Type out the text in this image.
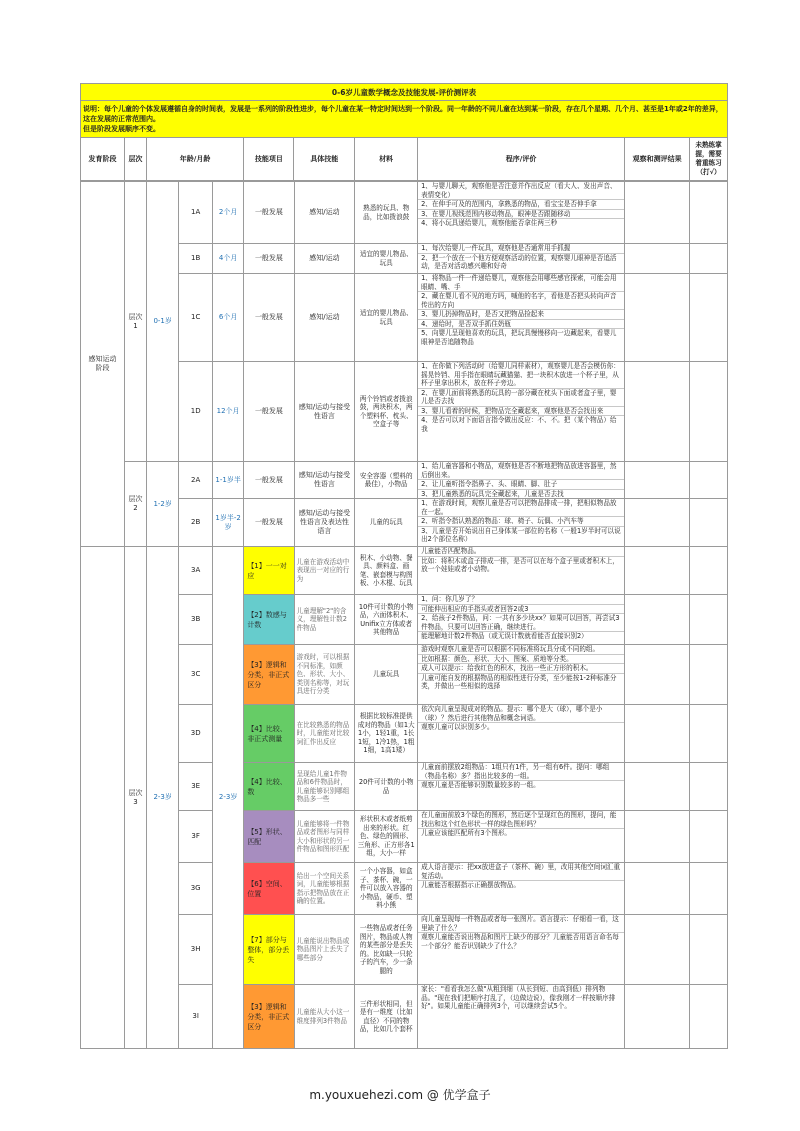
0-6岁儿童数学概念及技能发展-评价测评表

说明：每个儿童的个体发展遵循自身的时间表，发展是一系列的阶段性进步，每个儿童在某一特定时间达到一个阶段。同一年龄的不同儿童在达到某一阶段，存在几个星期、几个月、甚至是1年或2年的差异，这在发展的正常范围内。
但是阶段发展顺序不变。

发育阶段	层次	年龄/月龄	技能项目	具体技能	材料	程序/评价	观察和测评结果	未熟练掌握，需要着重练习（打√）
感知运动阶段	层次1	0-1岁	1A	2个月	一般发展	感知/运动	熟悉的玩具、物品，比如拨浪鼓	1、与婴儿聊天，观察他是否注意并作出反应（看大人、发出声音、表情变化）
2、在伸手可及的范围内，拿熟悉的物品，看宝宝是否伸手拿
3、在婴儿视线范围内移动物品，眼神是否跟随移动
4、将小玩具递给婴儿，观察他能否拿住两三秒		

			1B	4个月	一般发展	感知/运动	适宜的婴儿物品、玩具	1、每次给婴儿一件玩具，观察他是否通常用手抓握
2、把一个放在一个他方便观察活动的位置，观察婴儿眼神是否追活动，是否对活动感兴趣和好奇		

			1C	6个月	一般发展	感知/运动	适宜的婴儿物品、玩具	1、将物品一件一件递给婴儿，观察他会用哪些感官探索，可能会用眼睛、嘴、手
2、藏在婴儿看不见的地方吗，喊他的名字，看他是否把头转向声音传出的方向
3、婴儿扔掉物品时，是否又把物品捡起来
4、递给时，是否双手抓住奶瓶
5、向婴儿呈现他喜欢的玩具，把玩具慢慢移向一边藏起来，看婴儿眼神是否追随物品		

			1D	12个月	一般发展	感知/运动与接受性语言	两个铃铛或者拨浪鼓，两块积木，两个塑料杯、枕头、空盒子等	1、在你做下列活动时（给婴儿同样素材），观察婴儿是否会模仿你：摇晃铃铛、用手指在眼睛玩藏猫猫、把一块积木放进一个杯子里，从杯子里拿出积木，放在杯子旁边。
2、在婴儿面前将熟悉的玩具的一部分藏在枕头下面或者盒子里，婴儿是否去找
3、婴儿看着的时候，把物品完全藏起来，观察他是否会找出来
4、是否可以对下面语言指令做出反应：不、不。把（某个物品）给我		

	层次2	1-2岁	2A	1-1岁半	一般发展	感知/运动与接受性语言	安全容器（塑料的最佳），小物品	1、给儿童容器和小物品，观察他是否不断地把物品放进容器里，然后倒出来。
2、让儿童听指令指鼻子、头、眼睛、脚、肚子
3、把儿童熟悉的玩具完全藏起来，儿童是否去找		

			2B	1岁半-2岁	一般发展	感知/运动与接受性语言及表达性语言	儿童的玩具	1、在游戏时间，观察儿童是否可以把物品排成一排，把相似物品放在一起。
2、听指令指认熟悉的物品：球、椅子、玩偶、小汽车等
3、儿童是否开始说出自己身体某一部位的名称（一般1岁半时可以说出2个部位名称）		

	层次3	2-3岁	3A	2-3岁	【1】一一对应	儿童在游戏活动中表现出一对应的行为	积木、小动物、餐具、颜料盒、画笔、嵌套模与构图板、小木棍、玩具	儿童能否匹配物品。
比如：将积木或盒子排成一排，是否可以在每个盒子里或者积木上，放一个娃娃或者小动物。		

			3B		【2】数感与计数	儿童理解"2"的含义，理解性计数2件物品	10件可计数的小物品，六面体积木、Unifix立方体或者其他物品	1、问：你几岁了？
可能伸出相应的手指头或者回答2或3
2、给孩子2件物品，问：一共有多少块xx？如果可以回答，再尝试3件物品，只要可以回答正确，继续进行。
能理解地计数2件物品（或无误计数就看能否直接识别2）		

			3C		【3】逻辑和分类，非正式区分	游戏时，可以根据不同标准，如颜色、形状、大小、类别名称等，对玩具进行分类	儿童玩具	游戏时观察儿童是否可以根据不同标准将玩具分成不同的组。
比如根据：颜色、形状、大小、图案、质地等分类。
成人可以提示：给我红色的积木，找出一些正方形的积木。
儿童可能自发的根据物品的相似性进行分类，至少能按1-2种标准分类，并做出一些相似的选择		

			3D		【4】比较、非正式测量	在比较熟悉的物品时，儿童能对比较词汇作出反应	根据比较标准提供成对的物品（如1大1小，1轻1重，1长1短，1冷1热，1粗1细，1高1矮）	依次向儿童呈现成对的物品。提示：哪个是大（球），哪个是小（球）？然后进行其他物品和概念词语。
观察儿童可以识别多少。		

			3E		【4】比较、数	呈现给儿童1件物品和6件物品时，儿童能够识别哪组物品多一些	20件可计数的小物品	儿童面前摆放2组物品：1组只有1件，另一组有6件。提问：哪组（物品名称）多？指出比较多的一组。
观察儿童是否能够识别数量较多的一组。		

			3F		【5】形状、匹配	儿童能够将一件物品或者图形与同样大小和形状的另一件物品和图形匹配	形状积木或者纸剪出来的形状。红色、绿色的圆形、三角形、正方形各1组，大小一样	在儿童面前放3个绿色的图形，然后逐个呈现红色的图形，提问，能找出和这个红色形状一样的绿色图形吗？
儿童应该能匹配所有3个图形。		

			3G		【6】空间、位置	给出一个空间关系词，儿童能够根据指示把物品放在正确的位置。	一个小容器，如盒子、茶杯、碗，一件可以放入容器的小物品，硬币、塑料小熊	成人语言提示：把xx放进盒子（茶杯、碗）里，改用其他空间词汇重复活动。
儿童能否根据指示正确摆放物品。		

			3H		【7】部分与整体，部分丢失	儿童能说出物品或物品图片上丢失了哪些部分	一些物品或者任务图片，物品或人物的某些部分是丢失的。比如缺一只轮子的汽车，少一条腿的	向儿童呈现每一件物品或者每一张图片。语言提示：仔细看一看，这里缺了什么？
观察儿童能否说出物品和图片上缺少的部分？儿童能否用语言命名每一个部分？能否识别缺少了什么？		

			3I		【3】逻辑和分类，非正式区分	儿童能从大小这一维度排列3件物品	三件形状相同，但是有一维度（比如直径）不同的物品，比如几个套杯	家长："看看我怎么做"从粗到细（从长到短、由高到低）排列物品。"现在我们把顺序打乱了，（边做边说），像我刚才一样按顺序排好"。如果儿童能正确排列3个，可以继续尝试5个。		

m.youxuehezi.com @ 优学盒子
